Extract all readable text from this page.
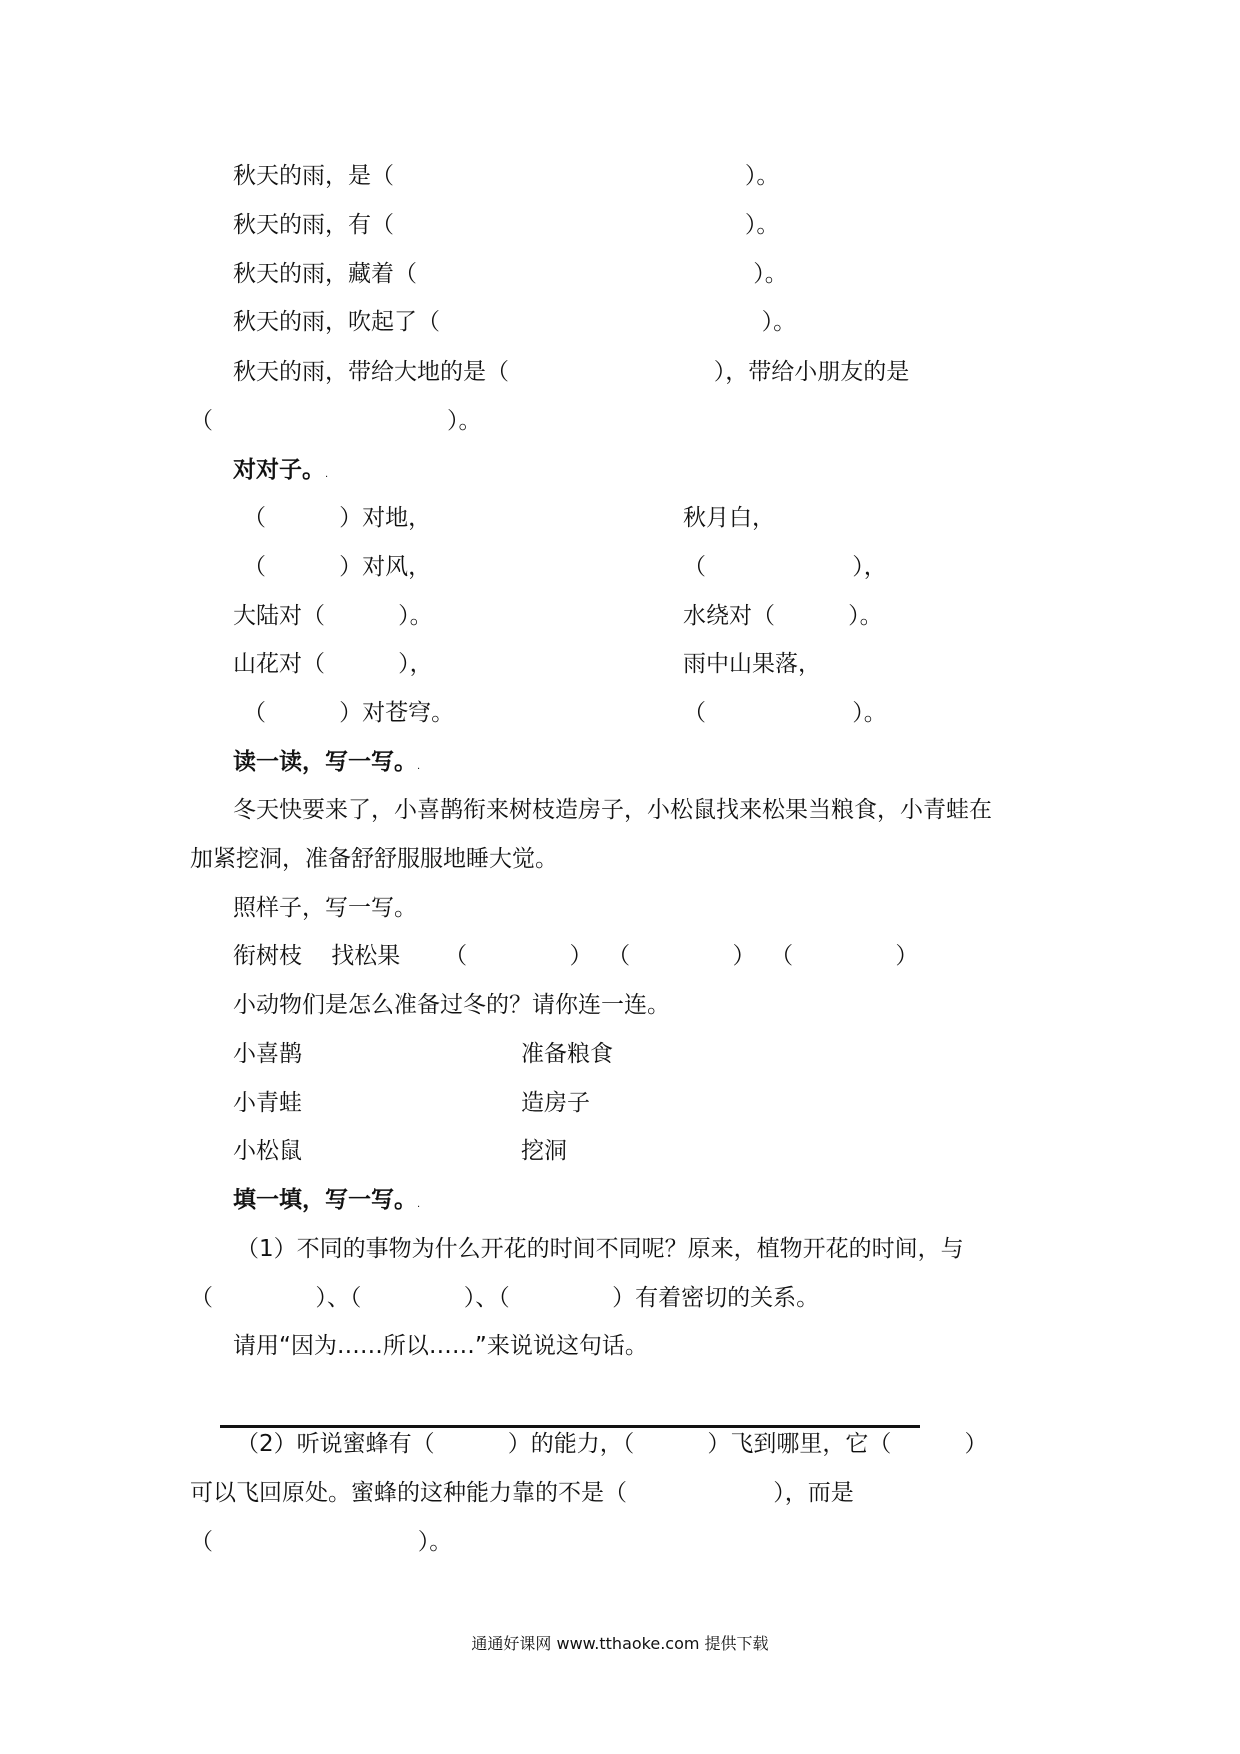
秋天的雨，是（                                                ）。
秋天的雨，有（                                                ）。
秋天的雨，藏着（                                              ）。
秋天的雨，吹起了（                                            ）。
秋天的雨，带给大地的是（                            ），带给小朋友的是
（                                ）。
对对子。.
（          ）对地，	秋月白，
（          ）对风，	（                    ），
大陆对（          ）。	水绕对（          ）。
山花对（          ），	雨中山果落，
（          ）对苍穹。	（                    ）。
读一读，写一写。.
冬天快要来了，小喜鹊衔来树枝造房子，小松鼠找来松果当粮食，小青蛙在
加紧挖洞，准备舒舒服服地睡大觉。
照样子，写一写。
衔树枝    找松果      （              ）  （              ）  （              ）
小动物们是怎么准备过冬的？请你连一连。
小喜鹊	准备粮食
小青蛙	造房子
小松鼠	挖洞
填一填，写一写。.
（1）不同的事物为什么开花的时间不同呢？原来，植物开花的时间，与
（              ）、（              ）、（              ）有着密切的关系。
请用“因为……所以……”来说说这句话。
（2）听说蜜蜂有（          ）的能力，（          ）飞到哪里，它（          ）
可以飞回原处。蜜蜂的这种能力靠的不是（                    ），而是
（                            ）。
通通好课网 www.tthaoke.com 提供下载
